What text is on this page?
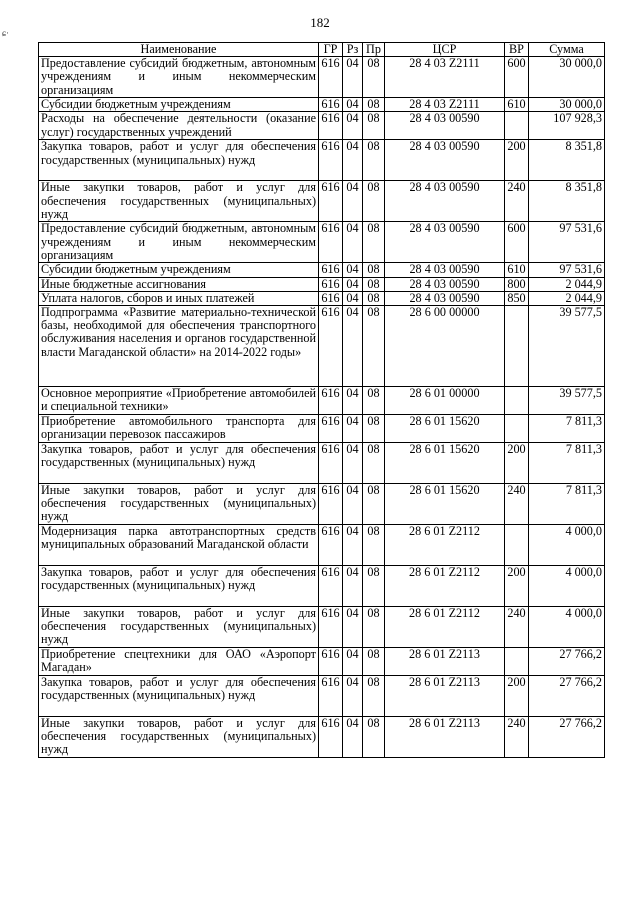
182
ɕ·
Наименование	ГР	Рз	Пр	ЦСР	ВР	Сумма
Предоставление субсидий бюджетным, автономным учреждениям и иным некоммерческим организациям	616	04	08	28 4 03 Z2111	600	30 000,0
Субсидии бюджетным учреждениям	616	04	08	28 4 03 Z2111	610	30 000,0
Расходы на обеспечение деятельности (оказание услуг) государственных учреждений	616	04	08	28 4 03 00590		107 928,3
Закупка товаров, работ и услуг для обеспечения государственных (муниципальных) нужд	616	04	08	28 4 03 00590	200	8 351,8
Иные закупки товаров, работ и услуг для обеспечения государственных (муниципальных) нужд	616	04	08	28 4 03 00590	240	8 351,8
Предоставление субсидий бюджетным, автономным учреждениям и иным некоммерческим организациям	616	04	08	28 4 03 00590	600	97 531,6
Субсидии бюджетным учреждениям	616	04	08	28 4 03 00590	610	97 531,6
Иные бюджетные ассигнования	616	04	08	28 4 03 00590	800	2 044,9
Уплата налогов, сборов и иных платежей	616	04	08	28 4 03 00590	850	2 044,9
Подпрограмма «Развитие материально-технической базы, необходимой для обеспечения транспортного обслуживания населения и органов государственной власти Магаданской области» на 2014-2022 годы»	616	04	08	28 6 00 00000		39 577,5
Основное мероприятие «Приобретение автомобилей и специальной техники»	616	04	08	28 6 01 00000		39 577,5
Приобретение автомобильного транспорта для организации перевозок пассажиров	616	04	08	28 6 01 15620		7 811,3
Закупка товаров, работ и услуг для обеспечения государственных (муниципальных) нужд	616	04	08	28 6 01 15620	200	7 811,3
Иные закупки товаров, работ и услуг для обеспечения государственных (муниципальных) нужд	616	04	08	28 6 01 15620	240	7 811,3
Модернизация парка автотранспортных средств муниципальных образований Магаданской области	616	04	08	28 6 01 Z2112		4 000,0
Закупка товаров, работ и услуг для обеспечения государственных (муниципальных) нужд	616	04	08	28 6 01 Z2112	200	4 000,0
Иные закупки товаров, работ и услуг для обеспечения государственных (муниципальных) нужд	616	04	08	28 6 01 Z2112	240	4 000,0
Приобретение спецтехники для ОАО «Аэропорт Магадан»	616	04	08	28 6 01 Z2113		27 766,2
Закупка товаров, работ и услуг для обеспечения государственных (муниципальных) нужд	616	04	08	28 6 01 Z2113	200	27 766,2
Иные закупки товаров, работ и услуг для обеспечения государственных (муниципальных) нужд	616	04	08	28 6 01 Z2113	240	27 766,2
